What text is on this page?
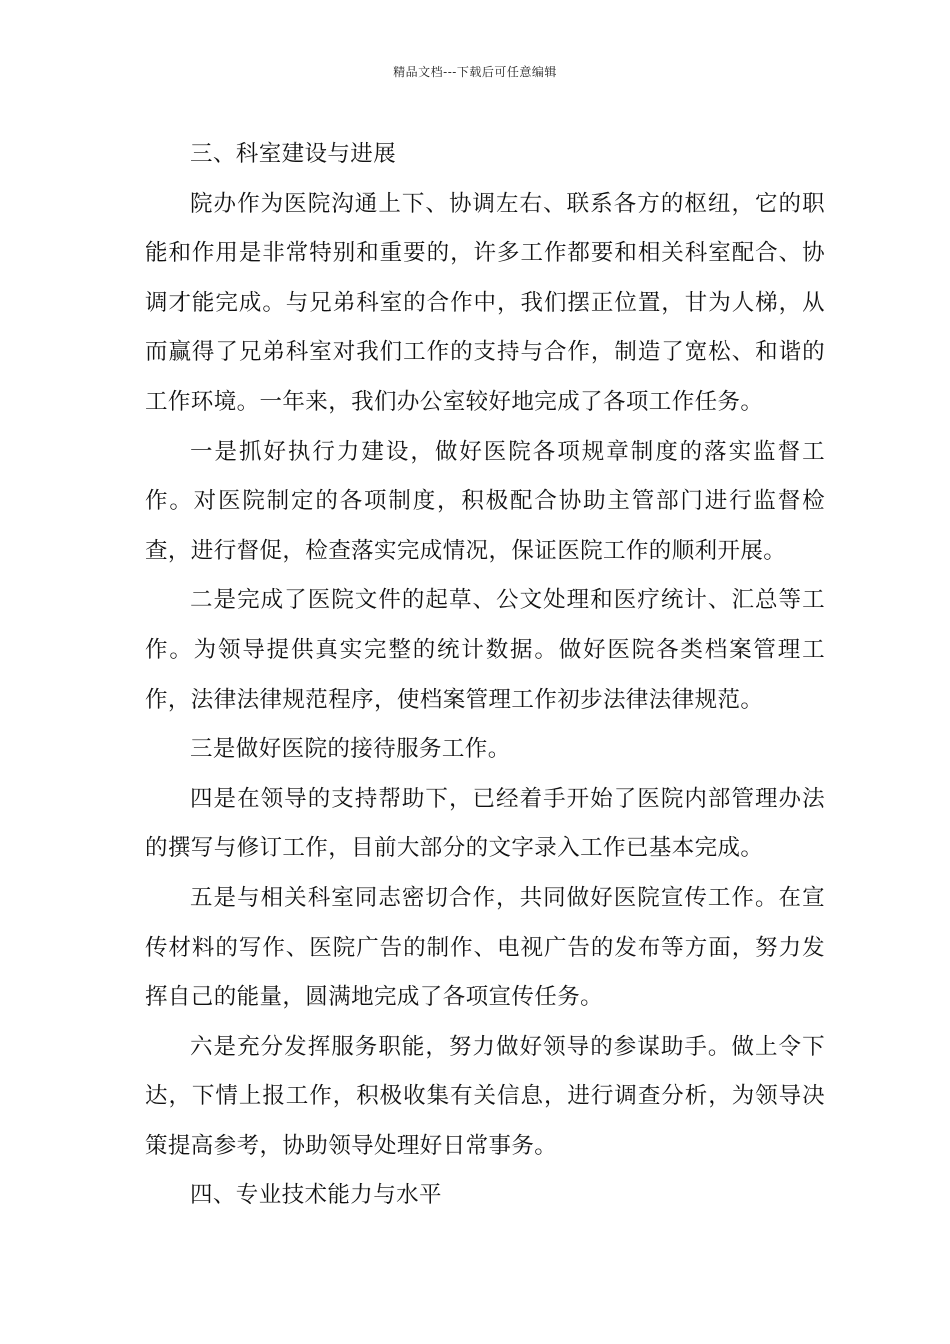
精品文档---下载后可任意编辑

三、科室建设与进展

院办作为医院沟通上下、协调左右、联系各方的枢纽，它的职能和作用是非常特别和重要的，许多工作都要和相关科室配合、协调才能完成。与兄弟科室的合作中，我们摆正位置，甘为人梯，从而赢得了兄弟科室对我们工作的支持与合作，制造了宽松、和谐的工作环境。一年来，我们办公室较好地完成了各项工作任务。

一是抓好执行力建设，做好医院各项规章制度的落实监督工作。对医院制定的各项制度，积极配合协助主管部门进行监督检查，进行督促，检查落实完成情况，保证医院工作的顺利开展。

二是完成了医院文件的起草、公文处理和医疗统计、汇总等工作。为领导提供真实完整的统计数据。做好医院各类档案管理工作，法律法律规范程序，使档案管理工作初步法律法律规范。

三是做好医院的接待服务工作。

四是在领导的支持帮助下，已经着手开始了医院内部管理办法的撰写与修订工作，目前大部分的文字录入工作已基本完成。

五是与相关科室同志密切合作，共同做好医院宣传工作。在宣传材料的写作、医院广告的制作、电视广告的发布等方面，努力发挥自己的能量，圆满地完成了各项宣传任务。

六是充分发挥服务职能，努力做好领导的参谋助手。做上令下达，下情上报工作，积极收集有关信息，进行调查分析，为领导决策提高参考，协助领导处理好日常事务。

四、专业技术能力与水平
